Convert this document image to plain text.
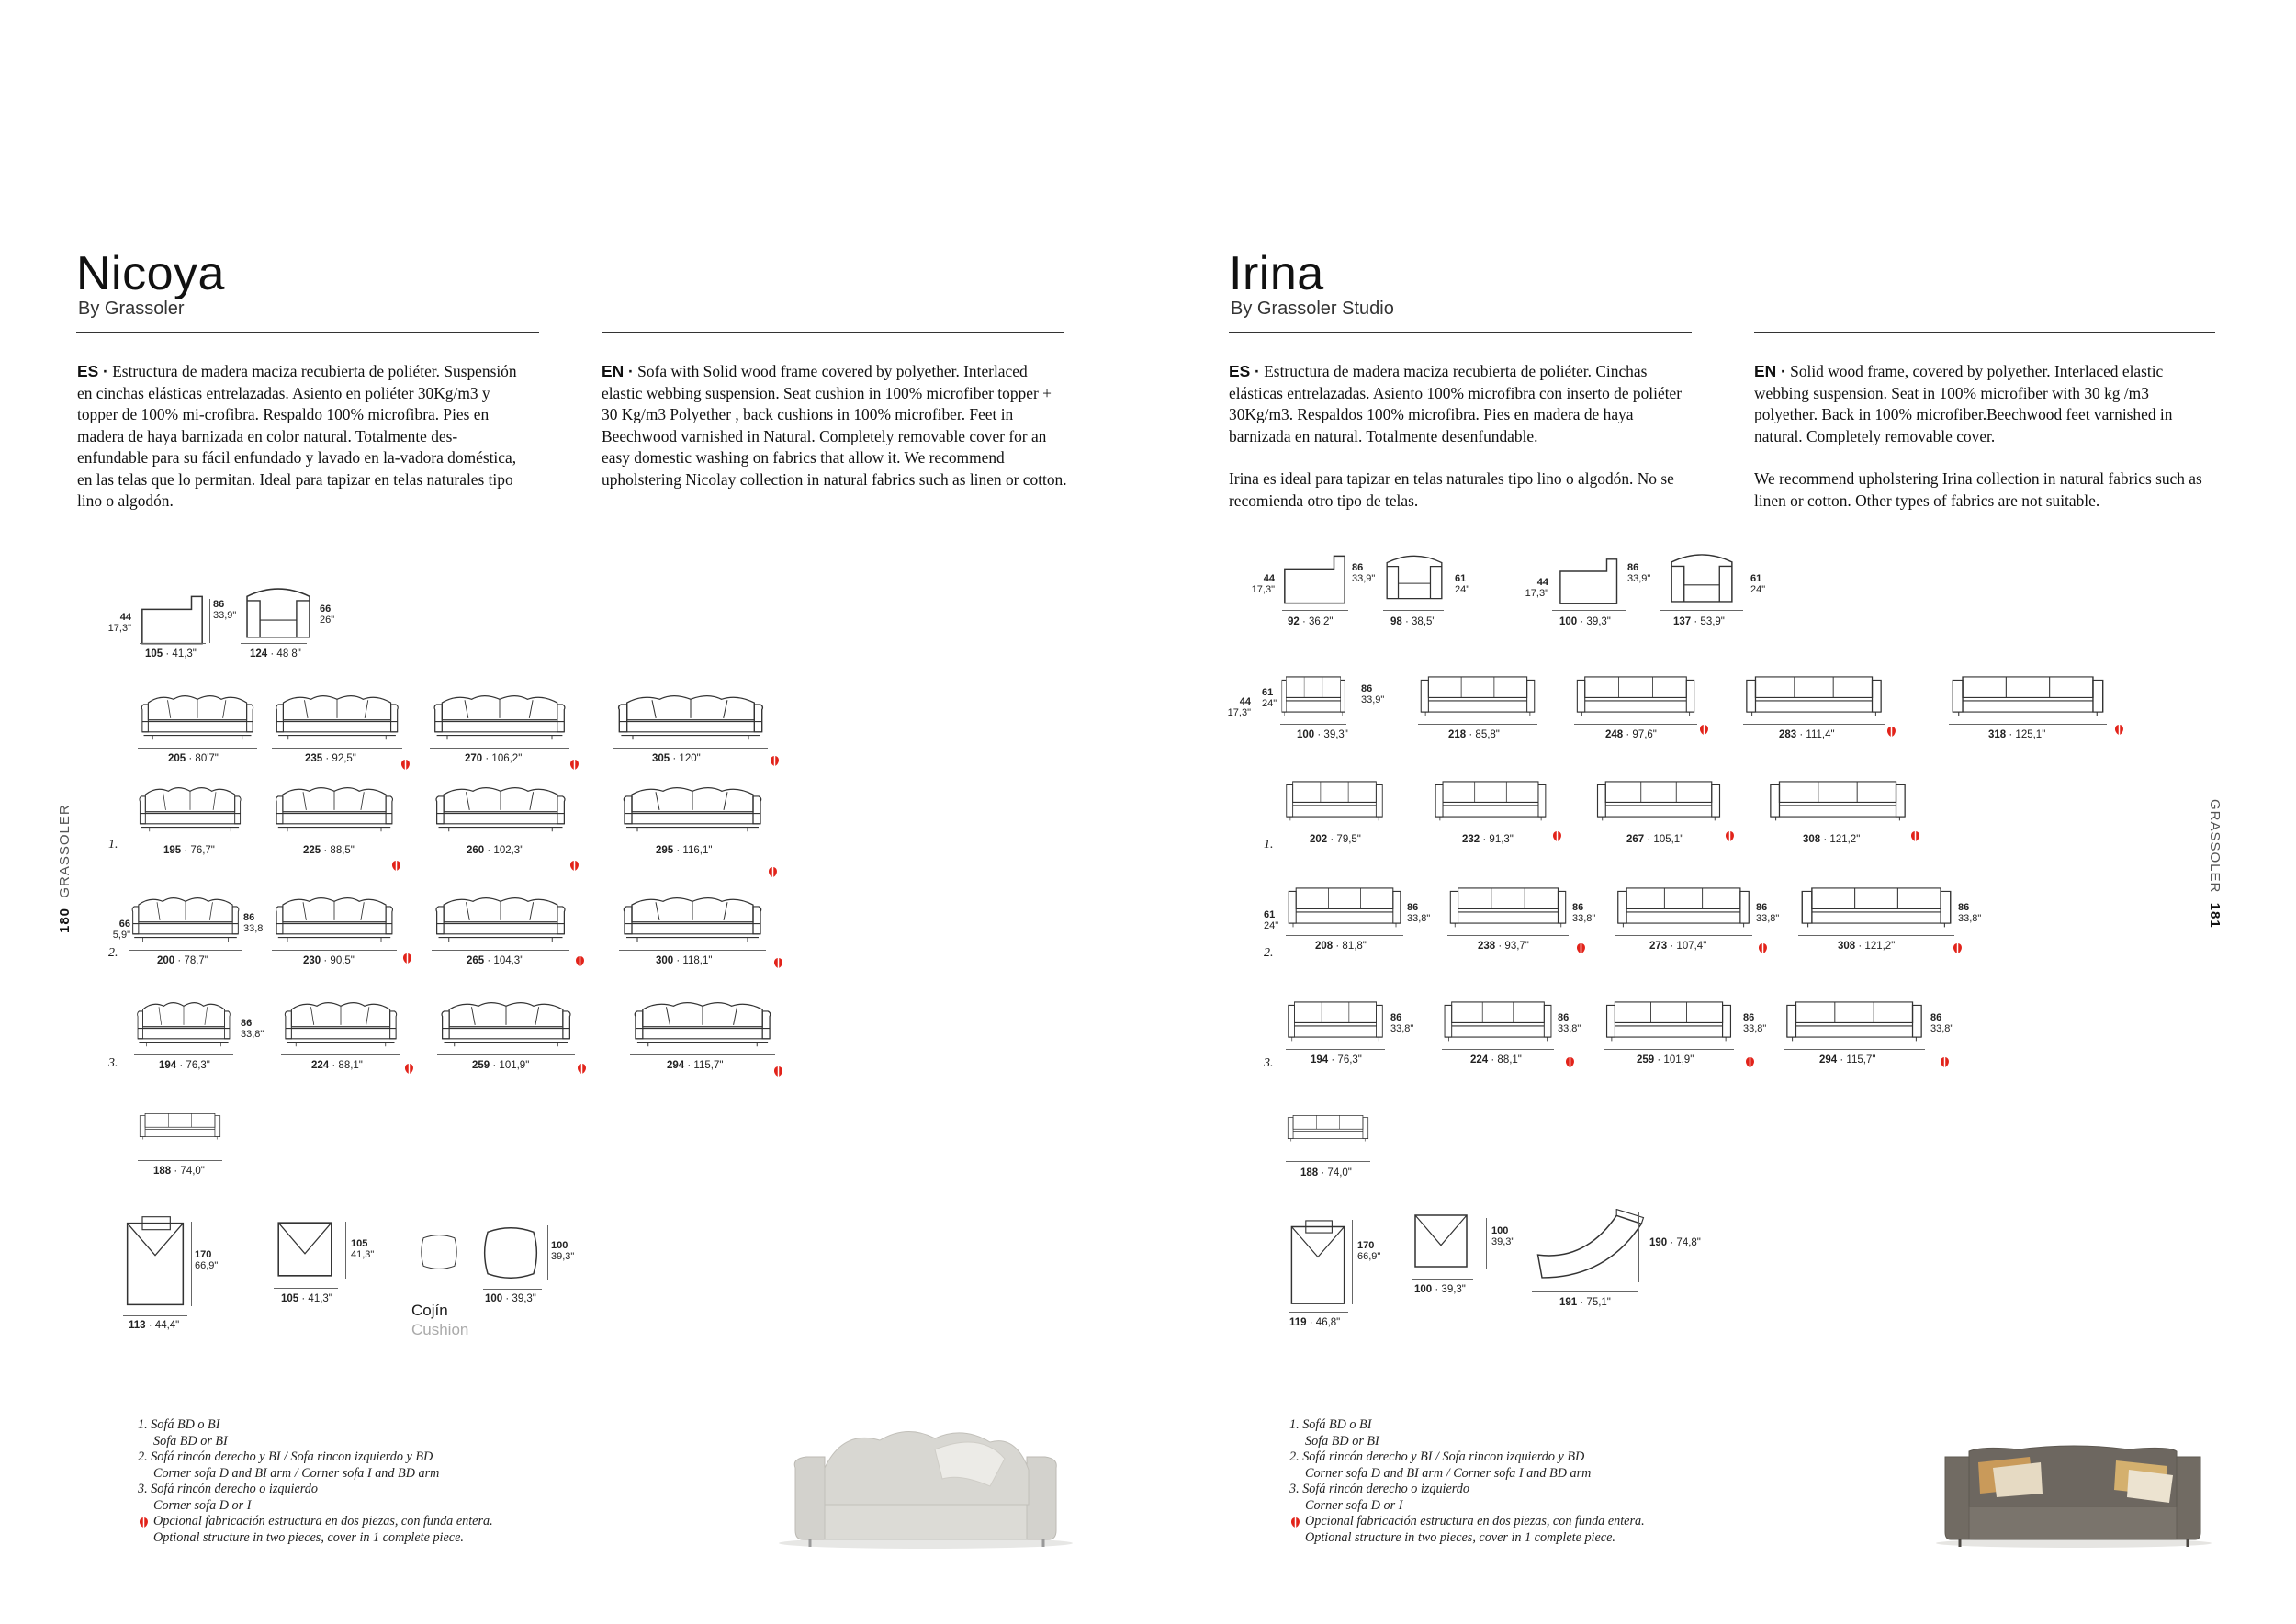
Nicoya
By Grassoler
ES · Estructura de madera maciza recubierta de poliéter. Suspensión en cinchas elásticas entrelazadas. Asiento en poliéter 30Kg/m3 y topper de 100% mi-crofibra. Respaldo 100% microfibra. Pies en madera de haya barnizada en color natural. Totalmente des-enfundable para su fácil enfundado y lavado en la-vadora doméstica, en las telas que lo permitan. Ideal para tapizar en telas naturales tipo lino o algodón.
EN · Sofa with Solid wood frame covered by polyether. Interlaced elastic webbing suspension. Seat cushion in 100% microfiber topper + 30 Kg/m3 Polyether , back cushions in 100% microfiber. Feet in Beechwood varnished in Natural. Completely removable cover for an easy domestic washing on fabrics that allow it. We recommend upholstering Nicolay collection in natural fabrics such as linen or cotton.
180  GRASSOLER
86
33,9"
44
17,3"
105 · 41,3"
66
26"
124 · 48 8"
1.
2.
3.
66
5,9"
86
33,8
86
33,8"
188 · 74,0"
170
66,9"
113 · 44,4"
105
41,3"
105 · 41,3"
100
39,3"
100 · 39,3"
Cojín
Cushion
1. Sofá BD o BI
Sofa BD or BI
2. Sofá rincón derecho y BI / Sofa rincon izquierdo y BD
Corner sofa D and BI arm / Corner sofa I and BD arm
3. Sofá rincón derecho o izquierdo
Corner sofa D or I
Opcional fabricación estructura en dos piezas, con funda entera.
Optional structure in two pieces, cover in 1 complete piece.
Irina
By Grassoler Studio
ES · Estructura de madera maciza recubierta de poliéter. Cinchas elásticas entrelazadas. Asiento 100% microfibra con inserto de poliéter 30Kg/m3. Respaldos 100% microfibra. Pies en madera de haya barnizada en natural. Totalmente desenfundable.
Irina es ideal para tapizar en telas naturales tipo lino o algodón. No se recomienda otro tipo de telas.
EN · Solid wood frame, covered by polyether. Interlaced elastic webbing suspension. Seat in 100% microfiber with 30 kg /m3 polyether. Back in 100% microfiber.Beechwood feet varnished in natural. Completely removable cover.
We recommend upholstering Irina collection in natural fabrics such as linen or cotton. Other types of fabrics are not suitable.
GRASSOLER  181
44
17,3"
86
33,9"
92 · 36,2"
61
24"
98 · 38,5"
44
17,3"
86
33,9"
100 · 39,3"
61
24"
137 · 53,9"
44
17,3"
61
24"
86
33,9"
1.
2.
3.
61
24"
188 · 74,0"
170
66,9"
119 · 46,8"
100
39,3"
100 · 39,3"
190 · 74,8"
191 · 75,1"
1. Sofá BD o BI
Sofa BD or BI
2. Sofá rincón derecho y BI / Sofa rincon izquierdo y BD
Corner sofa D and BI arm / Corner sofa I and BD arm
3. Sofá rincón derecho o izquierdo
Corner sofa D or I
Opcional fabricación estructura en dos piezas, con funda entera.
Optional structure in two pieces, cover in 1 complete piece.
205 · 80'7"	235 · 92,5"	270 · 106,2"	305 · 120"
195 · 76,7"	225 · 88,5"	260 · 102,3"	295 · 116,1"
200 · 78,7"	230 · 90,5"	265 · 104,3"	300 · 118,1"
194 · 76,3"	224 · 88,1"	259 · 101,9"	294 · 115,7"
100 · 39,3"	218 · 85,8"	248 · 97,6"	283 · 111,4"	318 · 125,1"
202 · 79,5"	232 · 91,3"	267 · 105,1"	308 · 121,2"
208 · 81,8"	238 · 93,7"	273 · 107,4"	308 · 121,2"
194 · 76,3"	224 · 88,1"	259 · 101,9"	294 · 115,7"
86
33,8"
86
33,8"
86
33,8"
86
33,8"
86
33,8"
86
33,8"
86
33,8"
86
33,8"
